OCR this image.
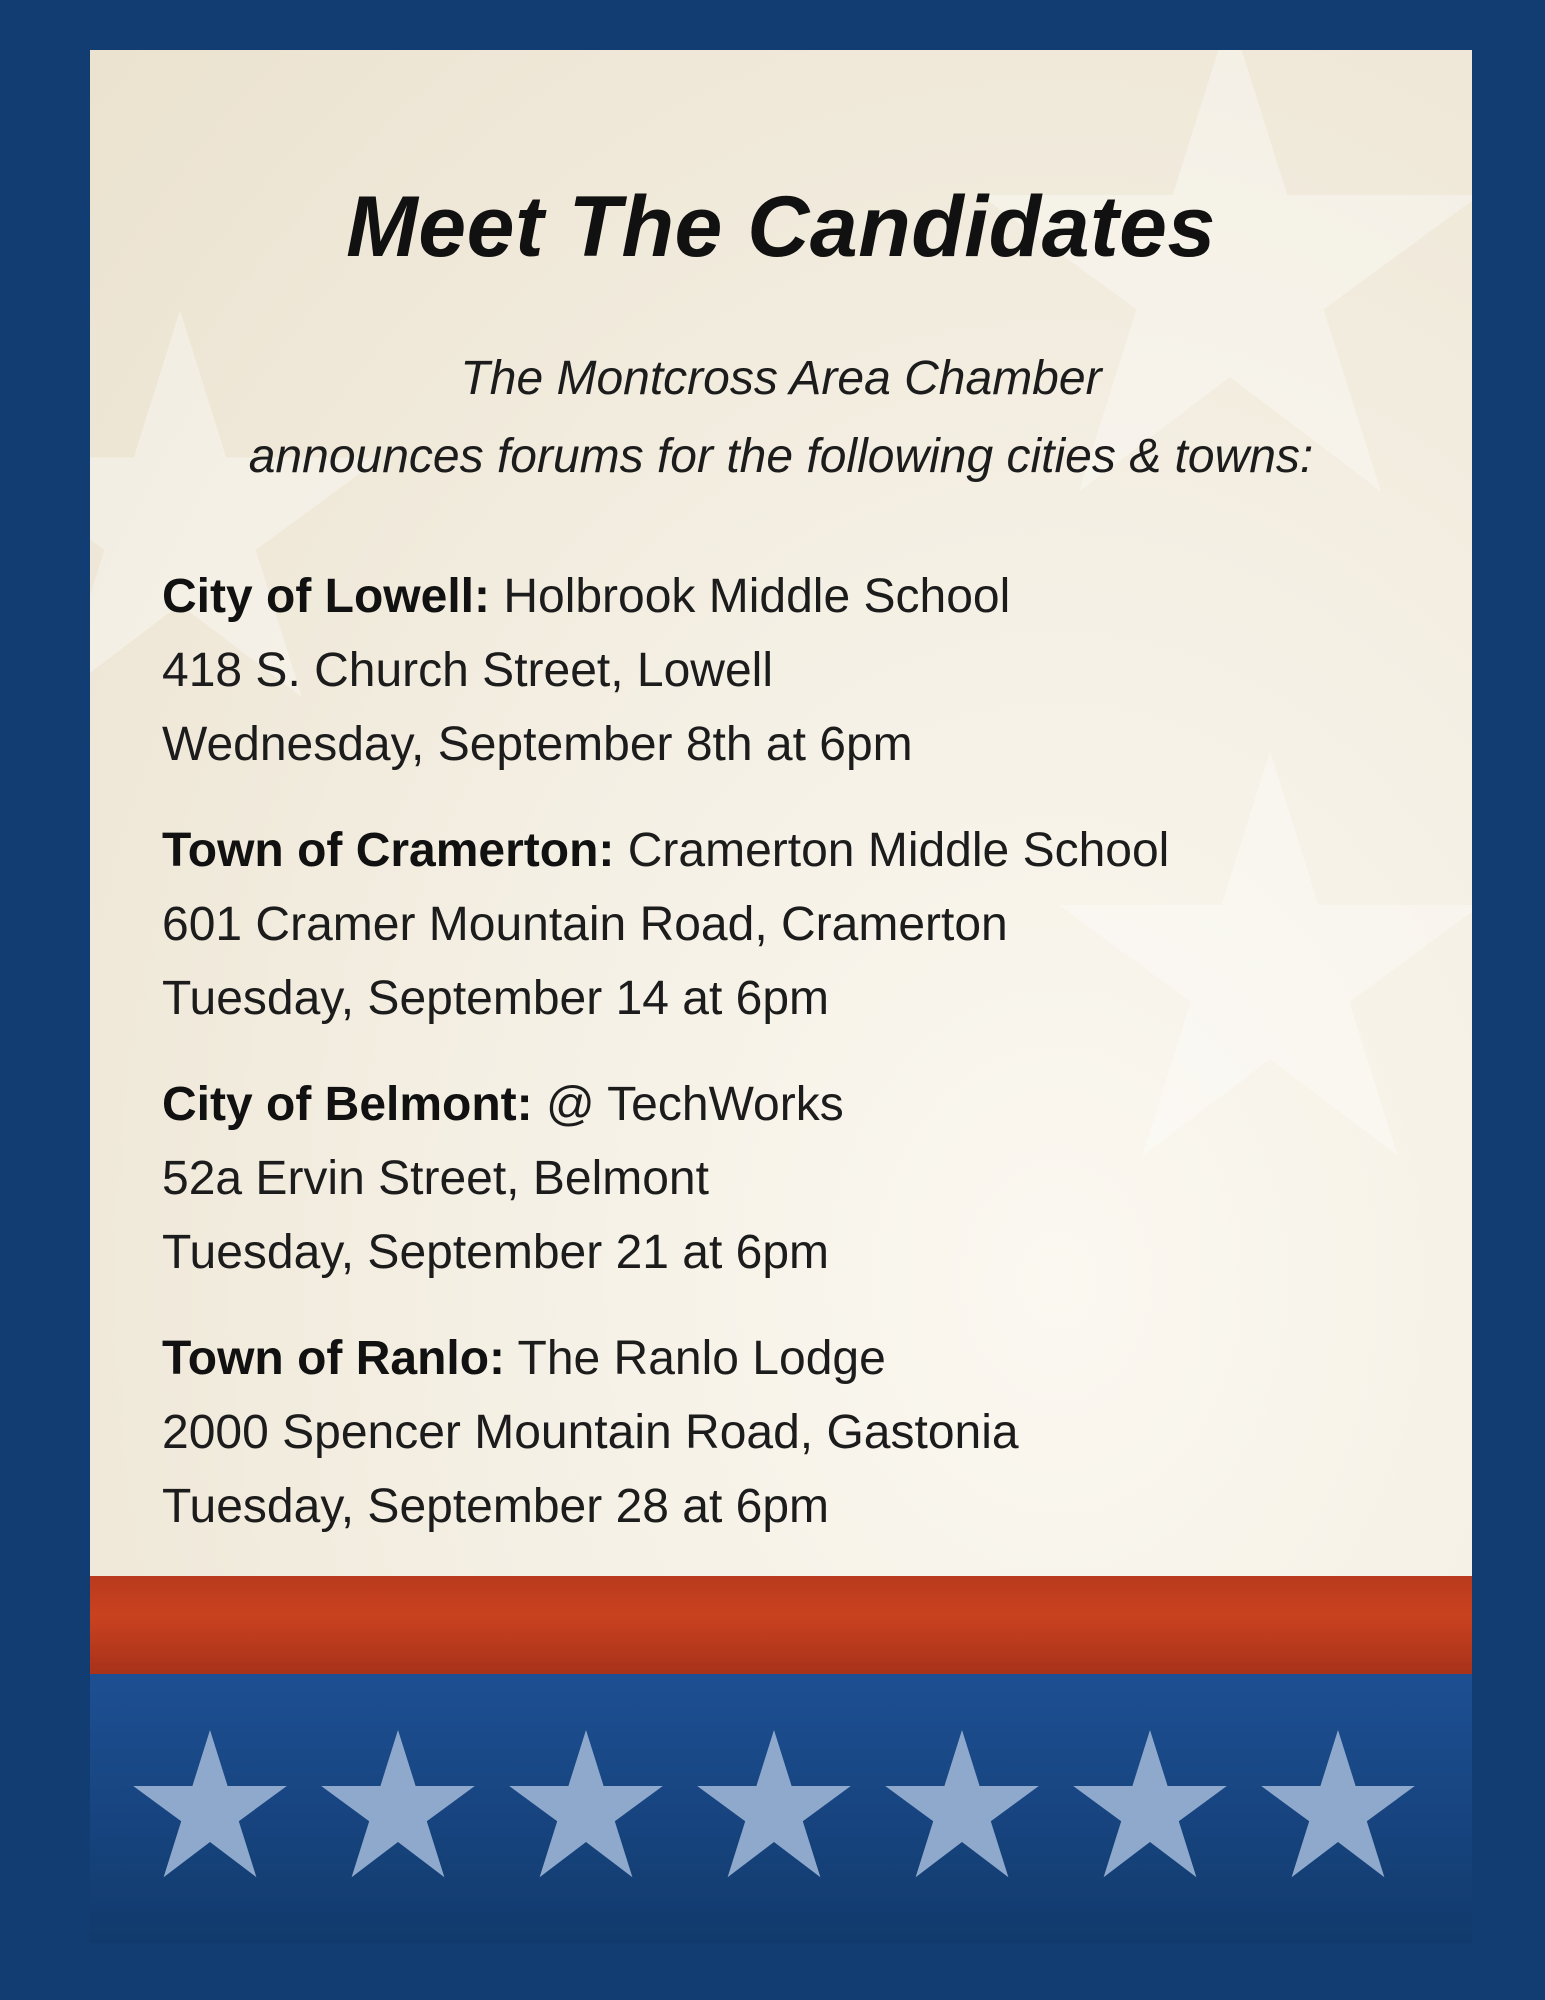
Meet The Candidates
The Montcross Area Chamber
announces forums for the following cities & towns:
City of Lowell: Holbrook Middle School
418 S. Church Street, Lowell
Wednesday, September 8th at 6pm
Town of Cramerton: Cramerton Middle School
601 Cramer Mountain Road, Cramerton
Tuesday, September 14 at 6pm
City of Belmont: @ TechWorks
52a Ervin Street, Belmont
Tuesday, September 21 at 6pm
Town of Ranlo: The Ranlo Lodge
2000 Spencer Mountain Road, Gastonia
Tuesday, September 28 at 6pm
